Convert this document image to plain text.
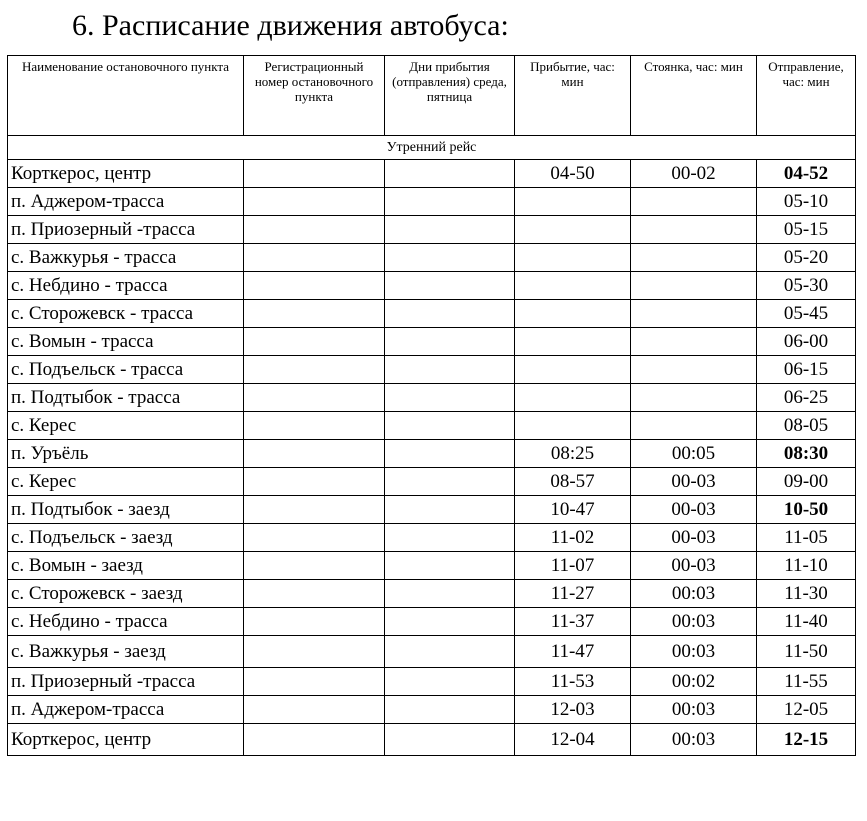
6. Расписание движения автобуса:
Наименование остановочного пункта	Регистрационный номер остановочного пункта	Дни прибытия (отправления) среда, пятница	Прибытие, час: мин	Стоянка, час: мин	Отправление, час: мин
Утренний рейс					
Корткерос, центр			04-50	00-02	04-52
п. Аджером-трасса					05-10
п. Приозерный -трасса					05-15
с. Важкурья - трасса					05-20
с. Небдино - трасса					05-30
с. Сторожевск - трасса					05-45
с. Вомын - трасса					06-00
с. Подъельск - трасса					06-15
п. Подтыбок - трасса					06-25
с. Керес					08-05
п. Уръёль			08:25	00:05	08:30
с. Керес			08-57	00-03	09-00
п. Подтыбок - заезд			10-47	00-03	10-50
с. Подъельск - заезд			11-02	00-03	11-05
с. Вомын - заезд			11-07	00-03	11-10
с. Сторожевск - заезд			11-27	00:03	11-30
с. Небдино - трасса			11-37	00:03	11-40
с. Важкурья - заезд			11-47	00:03	11-50
п. Приозерный -трасса			11-53	00:02	11-55
п. Аджером-трасса			12-03	00:03	12-05
Корткерос, центр			12-04	00:03	12-15
